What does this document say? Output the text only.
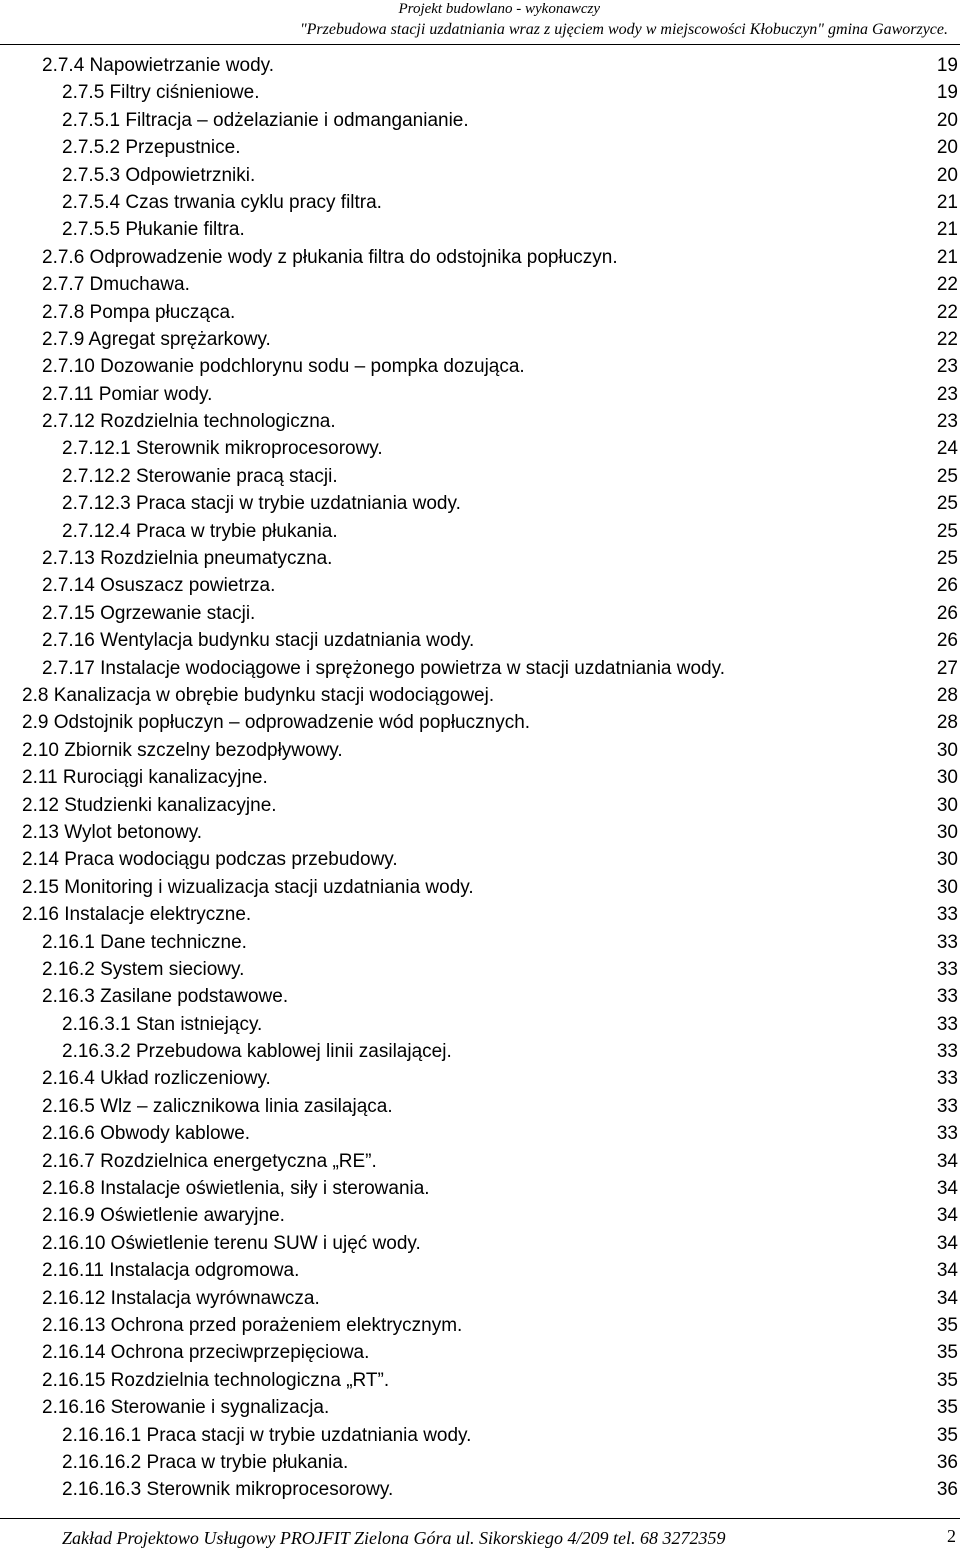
Projekt budowlano - wykonawczy
"Przebudowa stacji uzdatniania wraz z ujęciem wody w miejscowości Kłobuczyn" gmina Gaworzyce.
2.7.4 Napowietrzanie wody.	19
2.7.5 Filtry ciśnieniowe.	19
2.7.5.1 Filtracja – odżelazianie i odmanganianie.	20
2.7.5.2 Przepustnice.	20
2.7.5.3 Odpowietrzniki.	20
2.7.5.4 Czas trwania cyklu pracy filtra.	21
2.7.5.5 Płukanie filtra.	21
2.7.6 Odprowadzenie wody z płukania filtra do odstojnika popłuczyn.	21
2.7.7 Dmuchawa.	22
2.7.8 Pompa płucząca.	22
2.7.9 Agregat sprężarkowy.	22
2.7.10 Dozowanie podchlorynu sodu – pompka dozująca.	23
2.7.11 Pomiar wody.	23
2.7.12 Rozdzielnia technologiczna.	23
2.7.12.1 Sterownik mikroprocesorowy.	24
2.7.12.2 Sterowanie pracą stacji.	25
2.7.12.3 Praca stacji w trybie uzdatniania wody.	25
2.7.12.4 Praca w trybie płukania.	25
2.7.13 Rozdzielnia pneumatyczna.	25
2.7.14 Osuszacz powietrza.	26
2.7.15 Ogrzewanie stacji.	26
2.7.16 Wentylacja budynku stacji uzdatniania wody.	26
2.7.17 Instalacje wodociągowe i sprężonego powietrza w stacji uzdatniania wody.	27
2.8 Kanalizacja w obrębie budynku stacji wodociągowej.	28
2.9 Odstojnik popłuczyn – odprowadzenie wód popłucznych.	28
2.10 Zbiornik szczelny bezodpływowy.	30
2.11 Rurociągi kanalizacyjne.	30
2.12 Studzienki kanalizacyjne.	30
2.13 Wylot betonowy.	30
2.14 Praca wodociągu podczas przebudowy.	30
2.15 Monitoring i wizualizacja stacji uzdatniania wody.	30
2.16 Instalacje elektryczne.	33
2.16.1 Dane techniczne.	33
2.16.2 System sieciowy.	33
2.16.3 Zasilane podstawowe.	33
2.16.3.1 Stan istniejący.	33
2.16.3.2 Przebudowa kablowej linii zasilającej.	33
2.16.4 Układ rozliczeniowy.	33
2.16.5 Wlz – zalicznikowa linia zasilająca.	33
2.16.6 Obwody kablowe.	33
2.16.7 Rozdzielnica energetyczna „RE”.	34
2.16.8 Instalacje oświetlenia, siły i sterowania.	34
2.16.9 Oświetlenie awaryjne.	34
2.16.10 Oświetlenie terenu SUW i ujęć wody.	34
2.16.11 Instalacja odgromowa.	34
2.16.12 Instalacja wyrównawcza.	34
2.16.13 Ochrona przed porażeniem elektrycznym.	35
2.16.14 Ochrona przeciwprzepięciowa.	35
2.16.15 Rozdzielnia technologiczna „RT”.	35
2.16.16 Sterowanie i sygnalizacja.	35
2.16.16.1 Praca stacji w trybie uzdatniania wody.	35
2.16.16.2 Praca w trybie płukania.	36
2.16.16.3 Sterownik mikroprocesorowy.	36
Zakład Projektowo Usługowy PROJFIT Zielona Góra ul. Sikorskiego 4/209 tel. 68 3272359	2
